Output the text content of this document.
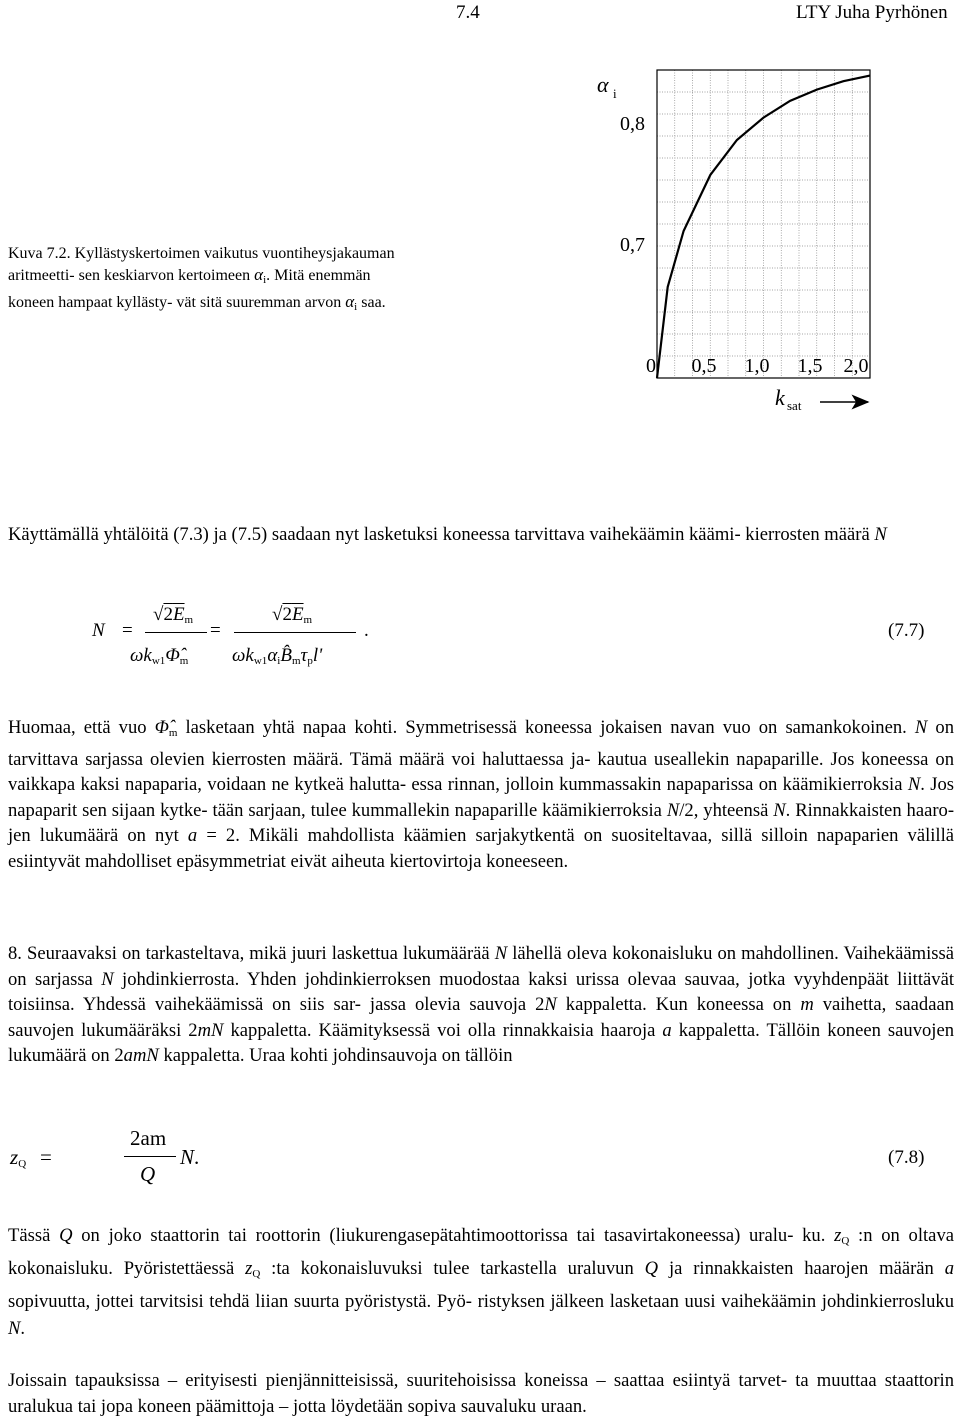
7.4	LTY Juha Pyrhönen
Kuva 7.2. Kyllästyskertoimen vaikutus vuontiheysjakauman aritmeetti- sen keskiarvon kertoimeen $\alpha_i$. Mitä enemmän koneen hampaat kyllästy- vät sitä suuremman arvon $\alpha_i$ saa.
α i
0,8
0,7
0 0,5 1,0 1,5 2,0
k sat
Käyttämällä yhtälöitä (7.3) ja (7.5) saadaan nyt lasketuksi koneessa tarvittava vaihekäämin käämi- kierrosten määrä N
N =
$√2E_m$
$\omega k_{w1}\Phî_m$
=
$√2E_m$
$\omega k_{w1}\alpha_iB̂_m\tau_pl'$
.	(7.7)
Huomaa, että vuo $\Phî_m$ lasketaan yhtä napaa kohti. Symmetrisessä koneessa jokaisen navan vuo on samankokoinen. N on tarvittava sarjassa olevien kierrosten määrä. Tämä määrä voi haluttaessa ja- kautua useallekin napaparille. Jos koneessa on vaikkapa kaksi napaparia, voidaan ne kytkeä halutta- essa rinnan, jolloin kummassakin napaparissa on käämikierroksia N. Jos napaparit sen sijaan kytke- tään sarjaan, tulee kummallekin napaparille käämikierroksia N/2, yhteensä N. Rinnakkaisten haaro- jen lukumäärä on nyt a = 2. Mikäli mahdollista käämien sarjakytkentä on suositeltavaa, sillä silloin napaparien välillä esiintyvät mahdolliset epäsymmetriat eivät aiheuta kiertovirtoja koneeseen.
8. Seuraavaksi on tarkasteltava, mikä juuri laskettua lukumäärää N lähellä oleva kokonaisluku on mahdollinen. Vaihekäämissä on sarjassa N johdinkierrosta. Yhden johdinkierroksen muodostaa kaksi urissa olevaa sauvaa, jotka vyyhdenpäät liittävät toisiinsa. Yhdessä vaihekäämissä on siis sar- jassa olevia sauvoja 2N kappaletta. Kun koneessa on m vaihetta, saadaan sauvojen lukumääräksi 2mN kappaletta. Käämityksessä voi olla rinnakkaisia haaroja a kappaletta. Tällöin koneen sauvojen lukumäärä on 2amN kappaletta. Uraa kohti johdinsauvoja on tällöin
$z_Q$ =
2am
Q
N.	(7.8)
Tässä Q on joko staattorin tai roottorin (liukurengasepätahtimoottorissa tai tasavirtakoneessa) uralu- ku. $z_Q$ :n on oltava kokonaisluku. Pyöristettäessä $z_Q$ :ta kokonaisluvuksi tulee tarkastella uraluvun Q ja rinnakkaisten haarojen määrän a sopivuutta, jottei tarvitsisi tehdä liian suurta pyöristystä. Pyö- ristyksen jälkeen lasketaan uusi vaihekäämin johdinkierrosluku N.
Joissain tapauksissa – erityisesti pienjännitteisissä, suuritehoisissa koneissa – saattaa esiintyä tarvet- ta muuttaa staattorin uralukua tai jopa koneen päämittoja – jotta löydetään sopiva sauvaluku uraan.
